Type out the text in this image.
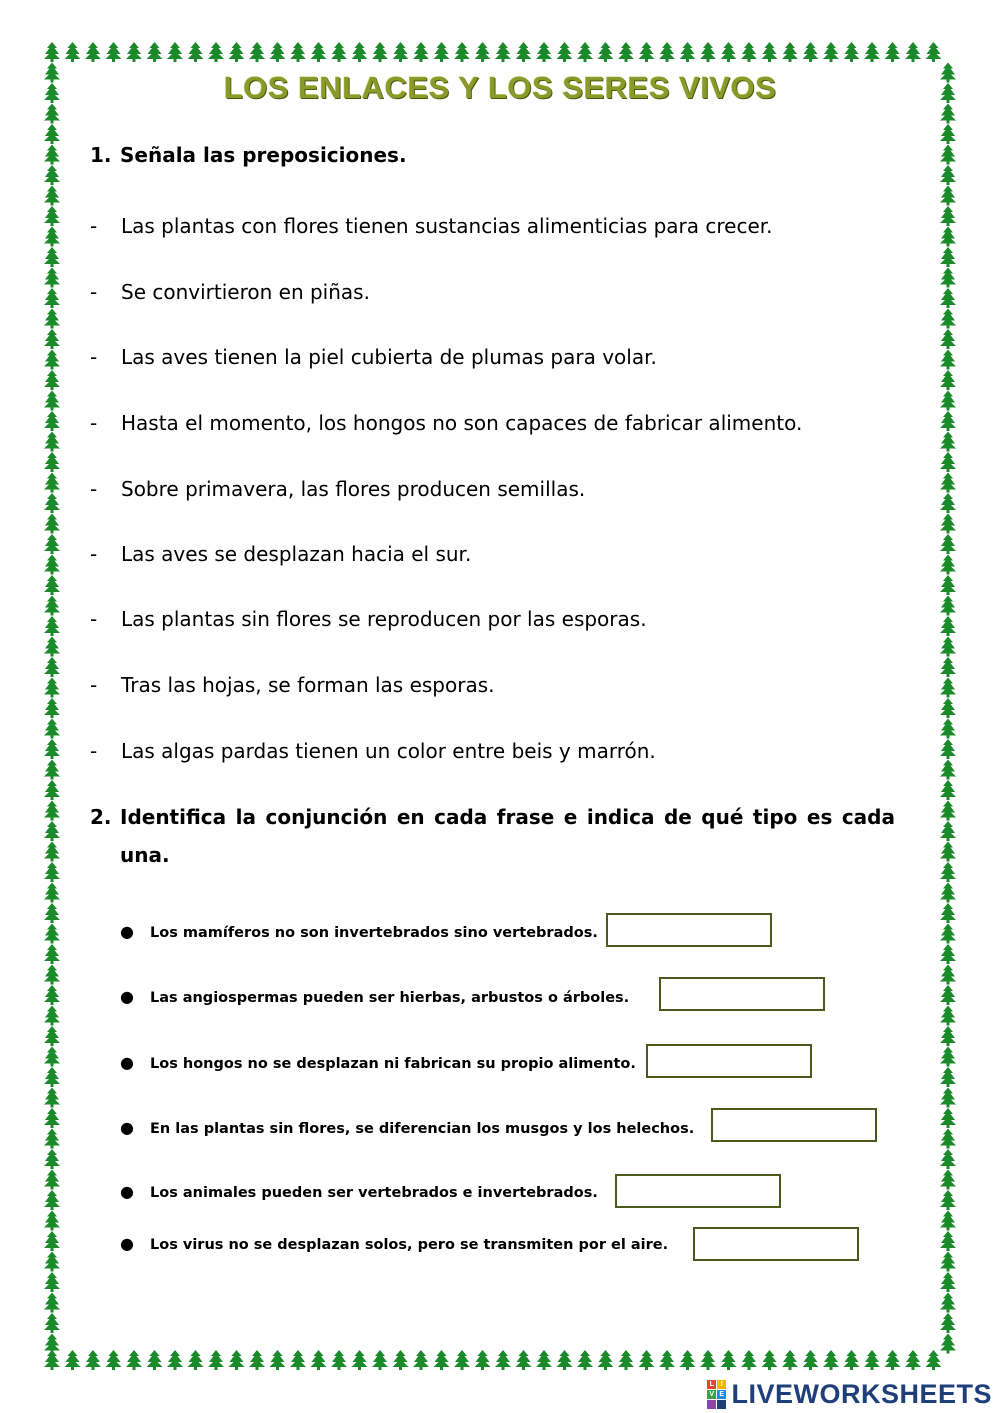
LOS ENLACES Y LOS SERES VIVOS
1. Señala las preposiciones.
- Las plantas con flores tienen sustancias alimenticias para crecer.
- Se convirtieron en piñas.
- Las aves tienen la piel cubierta de plumas para volar.
- Hasta el momento, los hongos no son capaces de fabricar alimento.
- Sobre primavera, las flores producen semillas.
- Las aves se desplazan hacia el sur.
- Las plantas sin flores se reproducen por las esporas.
- Tras las hojas, se forman las esporas.
- Las algas pardas tienen un color entre beis y marrón.
2. Identifica la conjunción en cada frase e indica de qué tipo es cada una.
● Los mamíferos no son invertebrados sino vertebrados.
● Las angiospermas pueden ser hierbas, arbustos o árboles.
● Los hongos no se desplazan ni fabrican su propio alimento.
● En las plantas sin flores, se diferencian los musgos y los helechos.
● Los animales pueden ser vertebrados e invertebrados.
● Los virus no se desplazan solos, pero se transmiten por el aire.
L I
V E LIVEWORKSHEETS
